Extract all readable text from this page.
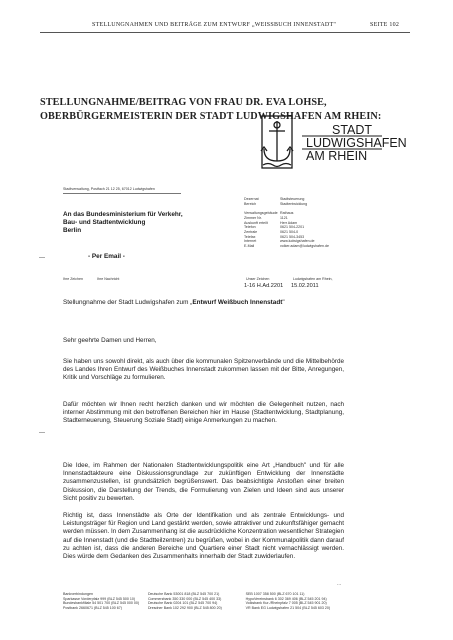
STELLUNGNAHMEN UND BEITRÄGE ZUM ENTWURF „WEISSBUCH INNENSTADT"	SEITE 102
STELLUNGNAHME/BEITRAG VON FRAU DR. EVA LOHSE,
OBERBÜRGERMEISTERIN DER STADT LUDWIGSHAFEN AM RHEIN:
STADT
LUDWIGSHAFEN
AM RHEIN
Stadtverwaltung, Postfach 21 12 25, 67012 Ludwigshafen
An das Bundesministerium für Verkehr,
Bau- und Stadtentwicklung
Berlin
- Per Email -
Dezernat	Stadtsteuerung
Bereich	Stadtentwicklung
Verwaltungsgebäude Rathaus
Zimmer Nr.	1121
Auskunft erteilt	Herr Adam
Telefon	0621 504-2201
Zentrale	0621 504-0
Telefax	0621 504-3453
Internet	www.ludwigshafen.de
E-Mail	volker.adam@ludwigshafen.de
Ihre Zeichen	Ihre Nachricht	Unser Zeichen	Ludwigshafen am Rhein,
1-16 H.Ad.2201	15.02.2011
Stellungnahme der Stadt Ludwigshafen zum „Entwurf Weißbuch Innenstadt"
Sehr geehrte Damen und Herren,
Sie haben uns sowohl direkt, als auch über die kommunalen Spitzenverbände und die Mittelbehörde des Landes Ihren Entwurf des Weißbuches Innenstadt zukommen lassen mit der Bitte, Anregungen, Kritik und Vorschläge zu formulieren.
Dafür möchten wir Ihnen recht herzlich danken und wir möchten die Gelegenheit nutzen, nach interner Abstimmung mit den betroffenen Bereichen hier im Hause (Stadtentwicklung, Stadtplanung, Stadterneuerung, Steuerung Soziale Stadt) einige Anmerkungen zu machen.
Die Idee, im Rahmen der Nationalen Stadtentwicklungspolitik eine Art „Handbuch" und für alle Innenstadtakteure eine Diskussionsgrundlage zur zukünftigen Entwicklung der Innenstädte zusammenzustellen, ist grundsätzlich begrüßenswert. Das beabsichtigte Anstoßen einer breiten Diskussion, die Darstellung der Trends, die Formulierung von Zielen und Ideen sind aus unserer Sicht positiv zu bewerten.
Richtig ist, dass Innenstädte als Orte der Identifikation und als zentrale Entwicklungs- und Leistungsträger für Region und Land gestärkt werden, sowie attraktiver und zukunftsfähiger gemacht werden müssen. In dem Zusammenhang ist die ausdrückliche Konzentration wesentlicher Strategien auf die Innenstadt (und die Stadtteilzentren) zu begrüßen, wobei in der Kommunalpolitik dann darauf zu achten ist, dass die anderen Bereiche und Quartiere einer Stadt nicht vernachlässigt werden. Dies würde dem Gedanken des Zusammenhalts innerhalb der Stadt zuwiderlaufen.
—
—
...
Bankverbindungen
Sparkasse Vorderpfalz 999 (BLZ 545 500 10)
Bundesbankfiliale 54 501 700 (BLZ 545 000 00)
Postbank 2660671 (BLZ 545 100 67)
Deutsche Bank 53001 818 (BLZ 545 700 21)
Commerzbank 350 330 000 (BLZ 545 400 33)
Deutsche Bank 0204 101 (BLZ 545 700 94)
Dresdner Bank 102 292 900 (BLZ 545 800 20)
SEB 1007 358 500 (BLZ 670 101 11)
HypoVereinsbank 6 302 369 406 (BLZ 545 201 94)
Volksbank Kur-/Rheinpfalz 7 005 (BLZ 545 901 20)
VR Bank EG Ludwigshafen 21 504 (BLZ 545 603 20)
